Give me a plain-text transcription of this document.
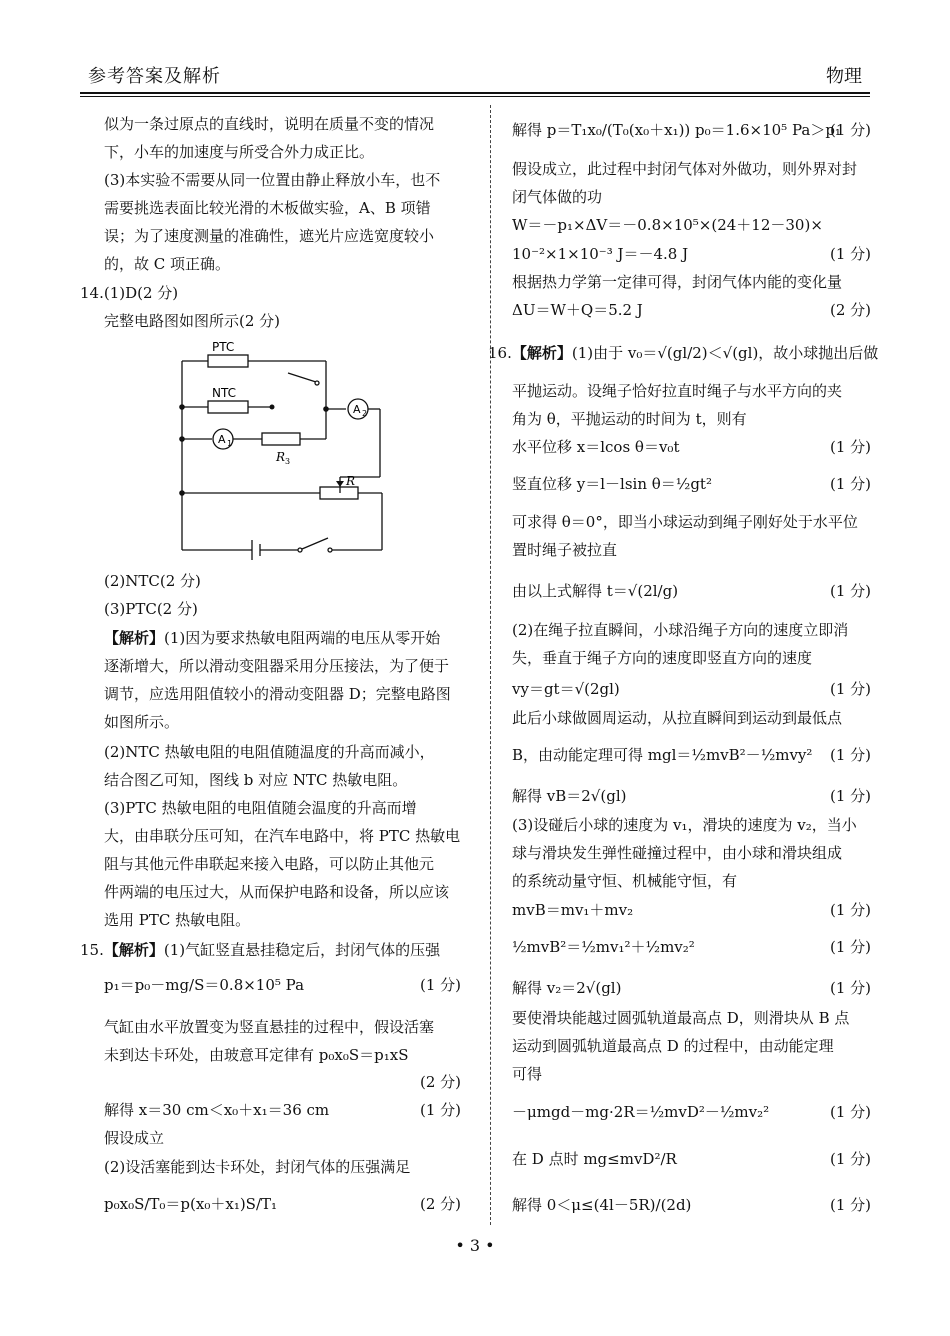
参考答案及解析	物理
似为一条过原点的直线时，说明在质量不变的情况
下，小车的加速度与所受合外力成正比。
(3)本实验不需要从同一位置由静止释放小车，也不
需要挑选表面比较光滑的木板做实验，A、B 项错
误；为了速度测量的准确性，遮光片应选宽度较小
的，故 C 项正确。
14.(1)D(2 分)
完整电路图如图所示(2 分)
PTC
NTC
A 2
A 1
R 3
R
(2)NTC(2 分)
(3)PTC(2 分)
【解析】(1)因为要求热敏电阻两端的电压从零开始
逐渐增大，所以滑动变阻器采用分压接法，为了便于
调节，应选用阻值较小的滑动变阻器 D；完整电路图
如图所示。
(2)NTC 热敏电阻的电阻值随温度的升高而减小，
结合图乙可知，图线 b 对应 NTC 热敏电阻。
(3)PTC 热敏电阻的电阻值随会温度的升高而增
大，由串联分压可知，在汽车电路中，将 PTC 热敏电
阻与其他元件串联起来接入电路，可以防止其他元
件两端的电压过大，从而保护电路和设备，所以应该
选用 PTC 热敏电阻。
15.【解析】(1)气缸竖直悬挂稳定后，封闭气体的压强
p₁＝p₀－mg/S＝0.8×10⁵ Pa	(1 分)
气缸由水平放置变为竖直悬挂的过程中，假设活塞
未到达卡环处，由玻意耳定律有 p₀x₀S＝p₁xS
(2 分)
解得 x＝30 cm＜x₀＋x₁＝36 cm	(1 分)
假设成立
(2)设活塞能到达卡环处，封闭气体的压强满足
p₀x₀S/T₀＝p(x₀＋x₁)S/T₁	(2 分)
解得 p＝T₁x₀/(T₀(x₀＋x₁)) p₀＝1.6×10⁵ Pa＞p₁
(1 分)
假设成立，此过程中封闭气体对外做功，则外界对封
闭气体做的功
W＝－p₁×ΔV＝－0.8×10⁵×(24＋12－30)×
10⁻²×1×10⁻³ J＝－4.8 J	(1 分)
根据热力学第一定律可得，封闭气体内能的变化量
ΔU＝W＋Q＝5.2 J	(2 分)
16.【解析】(1)由于 v₀＝√(gl/2)＜√(gl)，故小球抛出后做
平抛运动。设绳子恰好拉直时绳子与水平方向的夹
角为 θ，平抛运动的时间为 t，则有
水平位移 x＝lcos θ＝v₀t	(1 分)
竖直位移 y＝l－lsin θ＝½gt²	(1 分)
可求得 θ＝0°，即当小球运动到绳子刚好处于水平位
置时绳子被拉直
由以上式解得 t＝√(2l/g)	(1 分)
(2)在绳子拉直瞬间，小球沿绳子方向的速度立即消
失，垂直于绳子方向的速度即竖直方向的速度
vy＝gt＝√(2gl)	(1 分)
此后小球做圆周运动，从拉直瞬间到运动到最低点
B，由动能定理可得 mgl＝½mvB²－½mvy² (1 分)
解得 vB＝2√(gl)	(1 分)
(3)设碰后小球的速度为 v₁，滑块的速度为 v₂，当小
球与滑块发生弹性碰撞过程中，由小球和滑块组成
的系统动量守恒、机械能守恒，有
mvB＝mv₁＋mv₂	(1 分)
½mvB²＝½mv₁²＋½mv₂²	(1 分)
解得 v₂＝2√(gl)	(1 分)
要使滑块能越过圆弧轨道最高点 D，则滑块从 B 点
运动到圆弧轨道最高点 D 的过程中，由动能定理
可得
－μmgd－mg·2R＝½mvD²－½mv₂²	(1 分)
在 D 点时 mg≤mvD²/R	(1 分)
解得 0＜μ≤(4l－5R)/(2d)	(1 分)
• 3 •
